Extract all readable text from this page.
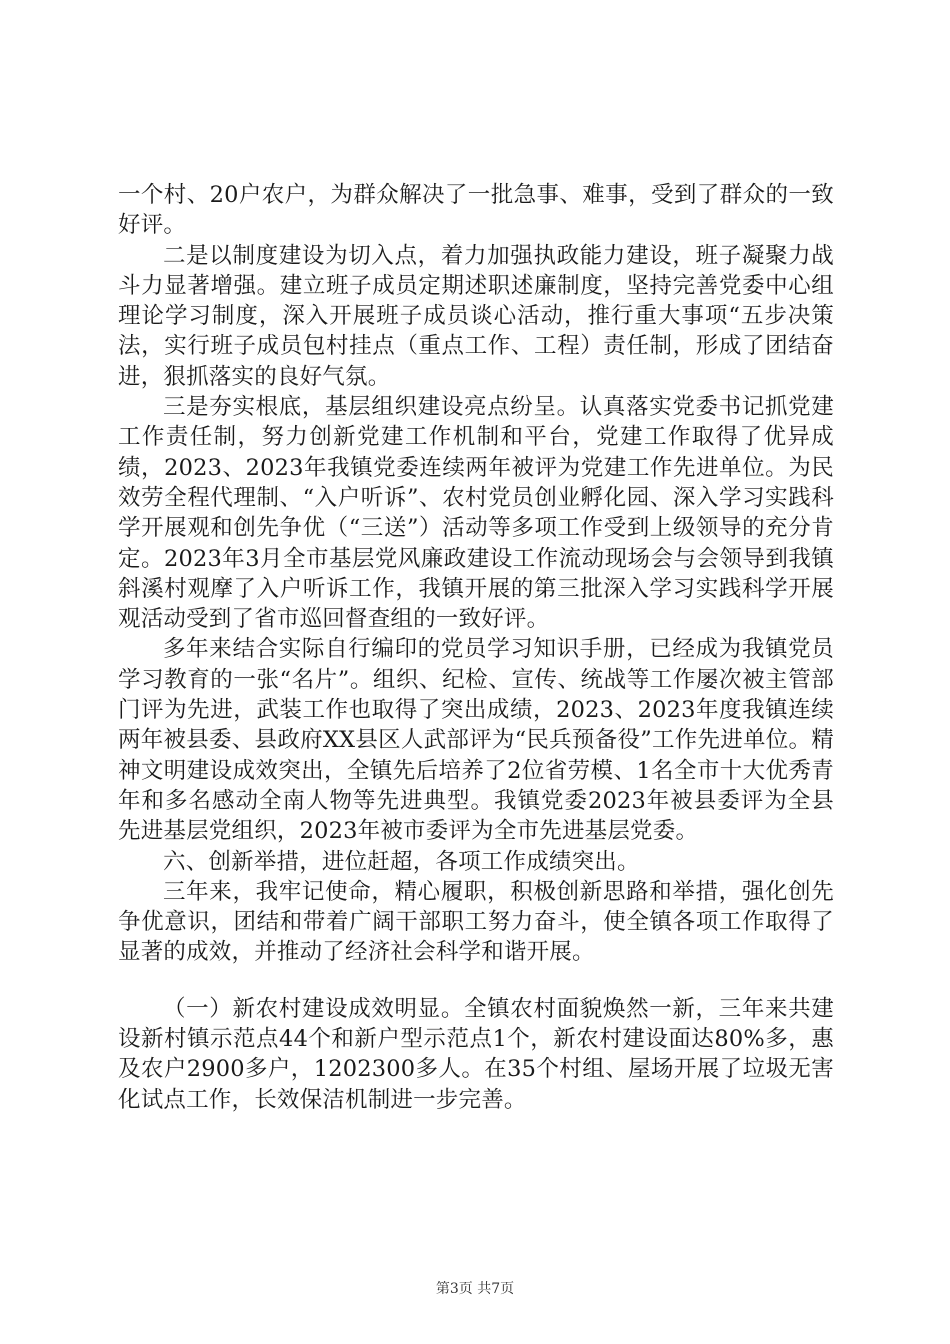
一个村、20户农户，为群众解决了一批急事、难事，受到了群众的一致好评。

二是以制度建设为切入点，着力加强执政能力建设，班子凝聚力战斗力显著增强。建立班子成员定期述职述廉制度，坚持完善党委中心组理论学习制度，深入开展班子成员谈心活动，推行重大事项“五步决策法，实行班子成员包村挂点（重点工作、工程）责任制，形成了团结奋进，狠抓落实的良好气氛。

三是夯实根底，基层组织建设亮点纷呈。认真落实党委书记抓党建工作责任制，努力创新党建工作机制和平台，党建工作取得了优异成绩，2023、2023年我镇党委连续两年被评为党建工作先进单位。为民效劳全程代理制、“入户听诉”、农村党员创业孵化园、深入学习实践科学开展观和创先争优（“三送”）活动等多项工作受到上级领导的充分肯定。2023年3月全市基层党风廉政建设工作流动现场会与会领导到我镇斜溪村观摩了入户听诉工作，我镇开展的第三批深入学习实践科学开展观活动受到了省市巡回督查组的一致好评。

多年来结合实际自行编印的党员学习知识手册，已经成为我镇党员学习教育的一张“名片”。组织、纪检、宣传、统战等工作屡次被主管部门评为先进，武装工作也取得了突出成绩，2023、2023年度我镇连续两年被县委、县政府XX县区人武部评为“民兵预备役”工作先进单位。精神文明建设成效突出，全镇先后培养了2位省劳模、1名全市十大优秀青年和多名感动全南人物等先进典型。我镇党委2023年被县委评为全县先进基层党组织，2023年被市委评为全市先进基层党委。

六、创新举措，进位赶超，各项工作成绩突出。

三年来，我牢记使命，精心履职，积极创新思路和举措，强化创先争优意识，团结和带着广阔干部职工努力奋斗，使全镇各项工作取得了显著的成效，并推动了经济社会科学和谐开展。

（一）新农村建设成效明显。全镇农村面貌焕然一新，三年来共建设新村镇示范点44个和新户型示范点1个，新农村建设面达80%多，惠及农户2900多户，1202300多人。在35个村组、屋场开展了垃圾无害化试点工作，长效保洁机制进一步完善。

第3页 共7页
